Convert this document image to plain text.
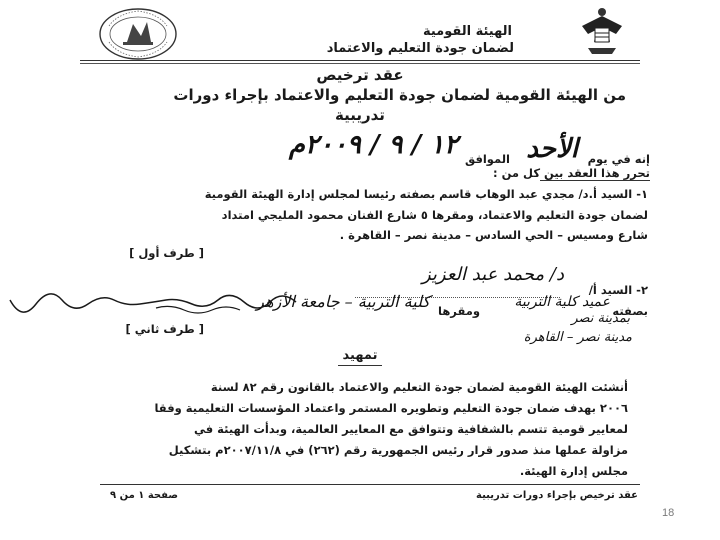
الهيئة القومية
لضمان جودة التعليم والاعتماد
عقد ترخيص
من الهيئة القومية لضمان جودة التعليم والاعتماد بإجراء دورات
تدريبية
إنه في يوم
الأحد
الموافق
١٢ / ٩ / ٢٠٠٩م
تحرر هذا العقد بين كل من :
١- السيد أ.د/ مجدي عبد الوهاب قاسم بصفته رئيسا لمجلس إدارة الهيئة القومية
لضمان جودة التعليم والاعتماد، ومقرها ٥ شارع الفنان محمود المليجي امتداد
شارع ومسيس – الحي السادس – مدينة نصر – القاهرة .
[ طرف أول ]
٢- السيد أ/
د/ محمد عبد العزيز
بصفته
عميد كلية التربية
ومقرها
كلية التربية – جامعة الأزهر
بمدينة نصر
[ طرف ثاني ]
مدينة نصر – القاهرة
تمهيد
أنشئت الهيئة القومية لضمان جودة التعليم والاعتماد بالقانون رقم ٨٢ لسنة
٢٠٠٦ بهدف ضمان جودة التعليم وتطويره المستمر واعتماد المؤسسات التعليمية وفقا
لمعايير قومية تتسم بالشفافية وتتوافق مع المعايير العالمية، وبدأت الهيئة في
مزاولة عملها منذ صدور قرار رئيس الجمهورية رقم (٢٦٢) في ٢٠٠٧/١١/٨م بتشكيل
مجلس إدارة الهيئة.
عقد ترخيص بإجراء دورات تدريبية
صفحة ١ من ٩
18
